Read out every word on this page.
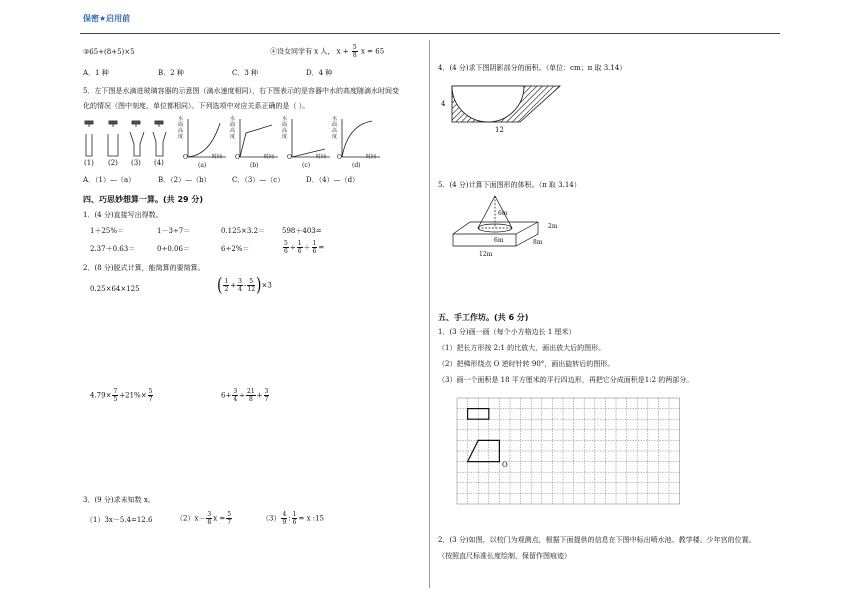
保密★启用前
③65+(8+5)×5	④设女同学有 x 人， $x + \frac{5}{8}$ x = 65
A．1 种	B．2 种	C．3 种	D．4 种
5．左下图是水滴进玻璃容器的示意图（滴水速度相同），右下图表示的是容器中水的高度随滴水时间变
化的情况（图中刻度、单位都相同）。下列选项中对应关系正确的是（ ）。
(1) (2) (3) (4)
水
面
高
度
水
面
高
度
水
面
高
度
水
面
高
度
O	O	O	O
时间	时间	时间	时间
(a)	(b)	(c)	(d)
A．（1）—（a）	B．（2）—（b）	C．（3）—（c）	D．（4）—（d）
四、巧思妙想算一算。(共 29 分)
1．(4 分)直接写出得数。
1＋25%＝	1－3÷7＝	0.125×3.2＝ 598＋403=
2.37＋0.63＝	0÷0.06＝	6÷2%＝	$\frac{5}{6} \div \frac{1}{6} + \frac{1}{6}$ =
2．(8 分)脱式计算，能简算的要简算。
0.25×64×125	( $\frac{1}{2} + \frac{3}{4} - \frac{5}{12} )\times 3$
$4.79\times \frac{7}{5} +21\%\times \frac{5}{7}$	$6+ \frac{3}{4} \div \frac{21}{8} + \frac{3}{7}$
3．(9 分)求未知数 x。
（1）3x－5.4=12.6	$(2)x- \frac{3}{8}$ $x = \frac{5}{7}$	$(3) \frac{4}{9}$ : $\frac{1}{6} = x$ :15
4．(4 分)求下图阴影部分的面积。（单位：cm；π 取 3.14）
4
12
5．(4 分)计算下面图形的体积。（π 取 3.14）
6m
2m
6m	8m
12m
五、手工作坊。(共 6 分)
1．(3 分)画一画（每个小方格边长 1 厘米）
（1）把长方形按 2:1 的比放大，画出放大后的图形。
（2）把梯形绕点 O 逆时针转 90°，画出旋转后的图形。
（3）画一个面积是 18 平方厘米的平行四边形，再把它分成面积是1:2 的两部分。
O
2．(3 分)如图，以校门为观测点，根据下面提供的信息在下图中标出喷水池、教学楼、少年宫的位置。
（按照直尺标准长度绘制，保留作图痕迹）
